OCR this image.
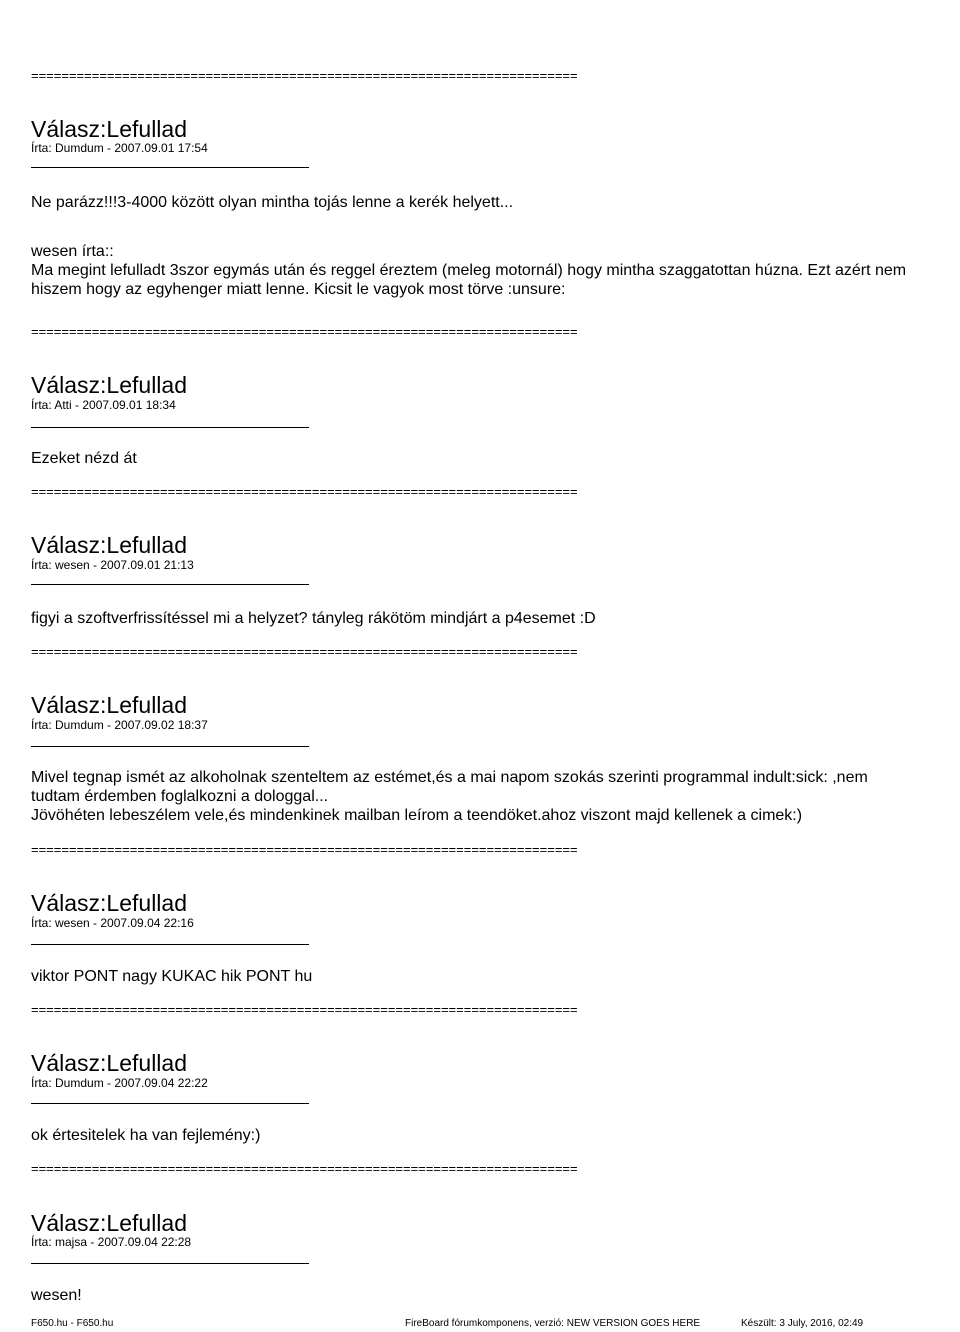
========================================================================
Válasz:Lefullad
Írta: Dumdum - 2007.09.01 17:54

Ne parázz!!!3-4000 között olyan mintha tojás lenne a kerék helyett...

wesen írta::

Ma megint lefulladt 3szor egymás után és reggel éreztem (meleg motornál) hogy mintha szaggatottan húzna. Ezt azért nem hiszem hogy az egyhenger miatt lenne. Kicsit le vagyok most törve :unsure:

========================================================================
Válasz:Lefullad
Írta: Atti - 2007.09.01 18:34

Ezeket nézd át

========================================================================
Válasz:Lefullad
Írta: wesen - 2007.09.01 21:13

figyi a szoftverfrissítéssel mi a helyzet? tányleg rákötöm mindjárt a p4esemet :D

========================================================================
Válasz:Lefullad
Írta: Dumdum - 2007.09.02 18:37

Mivel tegnap ismét az alkoholnak szenteltem az estémet,és a mai napom szokás szerinti programmal indult:sick: ,nem tudtam érdemben foglalkozni a dologgal...

Jövöhéten lebeszélem vele,és mindenkinek mailban leírom a teendöket.ahoz viszont majd kellenek a cimek:)

========================================================================
Válasz:Lefullad
Írta: wesen - 2007.09.04 22:16

viktor PONT nagy KUKAC hik PONT hu

========================================================================
Válasz:Lefullad
Írta: Dumdum - 2007.09.04 22:22

ok értesitelek ha van fejlemény:)

========================================================================
Válasz:Lefullad
Írta: majsa - 2007.09.04 22:28

wesen!

F650.hu - F650.hu	FireBoard fórumkomponens, verzió: NEW VERSION GOES HERE	Készült: 3 July, 2016, 02:49
